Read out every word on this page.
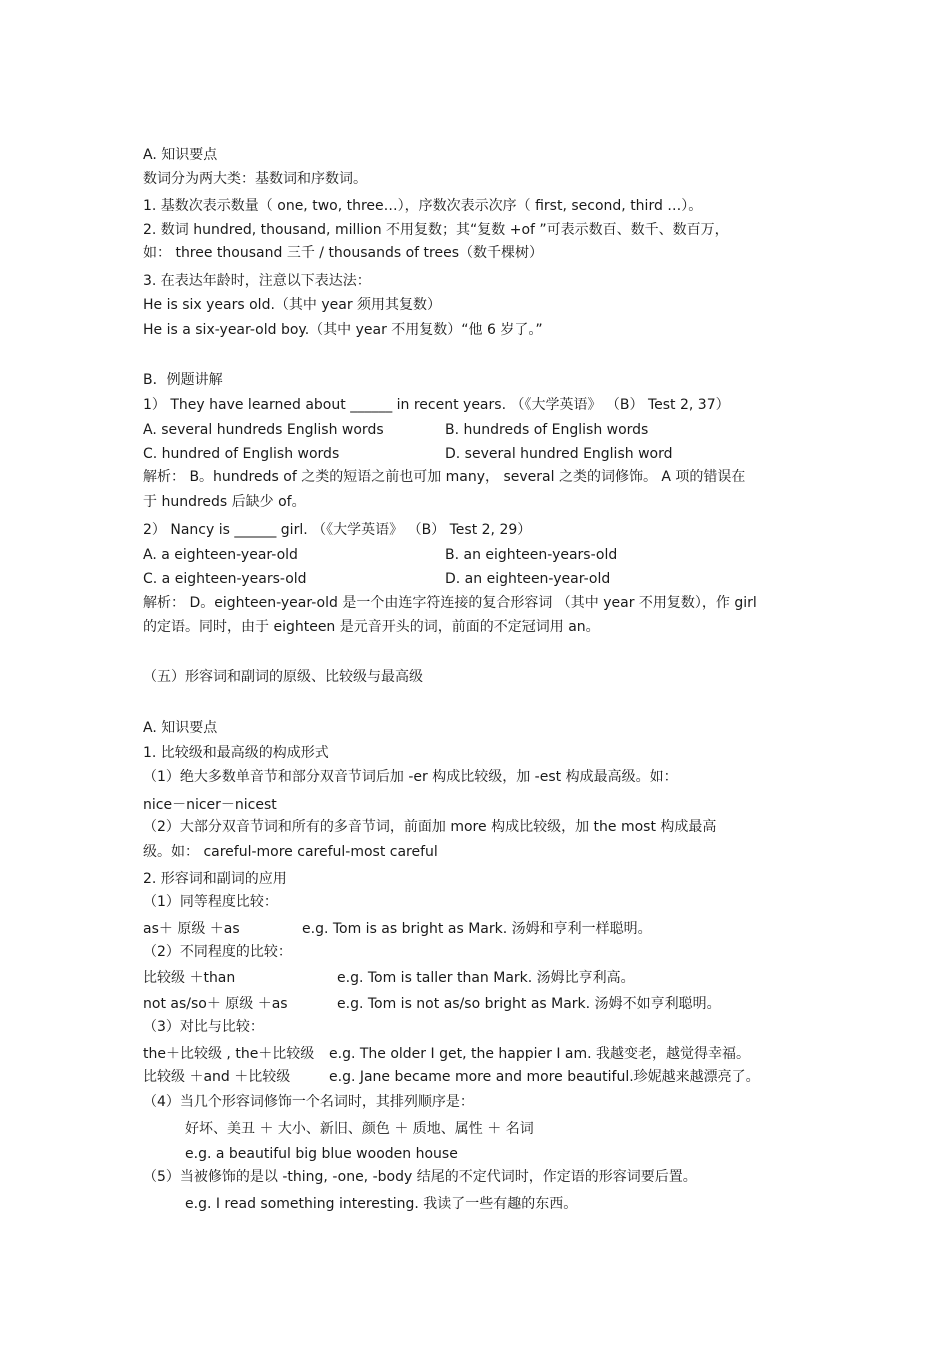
A. 知识要点
数词分为两大类：基数词和序数词。
1. 基数次表示数量（ one, two, three…），序数次表示次序（ first, second, third …）。
2. 数词 hundred, thousand, million 不用复数；其“复数 +of ”可表示数百、数千、数百万，
如： three thousand 三千 / thousands of trees（数千棵树）
3. 在表达年龄时，注意以下表达法：
He is six years old.（其中 year 须用其复数）
He is a six-year-old boy.（其中 year 不用复数）“他 6 岁了。”
B．例题讲解
1） They have learned about ______ in recent years. （《大学英语》 （B） Test 2, 37）
A. several hundreds English words	B. hundreds of English words
C. hundred of English words	D. several hundred English word
解析： B。hundreds of 之类的短语之前也可加 many， several 之类的词修饰。 A 项的错误在
于 hundreds 后缺少 of。
2） Nancy is ______ girl. （《大学英语》 （B） Test 2, 29）
A. a eighteen-year-old	B. an eighteen-years-old
C. a eighteen-years-old	D. an eighteen-year-old
解析： D。eighteen-year-old 是一个由连字符连接的复合形容词 （其中 year 不用复数），作 girl
的定语。同时，由于 eighteen 是元音开头的词，前面的不定冠词用 an。
（五）形容词和副词的原级、比较级与最高级
A. 知识要点
1. 比较级和最高级的构成形式
（1）绝大多数单音节和部分双音节词后加 -er 构成比较级，加 -est 构成最高级。如：
nice－nicer－nicest
（2）大部分双音节词和所有的多音节词，前面加 more 构成比较级，加 the most 构成最高
级。如： careful-more careful-most careful
2. 形容词和副词的应用
（1）同等程度比较：
as＋ 原级 ＋as	e.g. Tom is as bright as Mark. 汤姆和亨利一样聪明。
（2）不同程度的比较：
比较级 ＋than	e.g. Tom is taller than Mark. 汤姆比亨利高。
not as/so＋ 原级 ＋as	e.g. Tom is not as/so bright as Mark. 汤姆不如亨利聪明。
（3）对比与比较：
the＋比较级 , the＋比较级 e.g. The older I get, the happier I am. 我越变老，越觉得幸福。
比较级 ＋and ＋比较级	e.g. Jane became more and more beautiful.珍妮越来越漂亮了。
（4）当几个形容词修饰一个名词时，其排列顺序是：
好坏、美丑 ＋ 大小、新旧、颜色 ＋ 质地、属性 ＋ 名词
e.g. a beautiful big blue wooden house
（5）当被修饰的是以 -thing, -one, -body 结尾的不定代词时，作定语的形容词要后置。
e.g. I read something interesting. 我读了一些有趣的东西。
